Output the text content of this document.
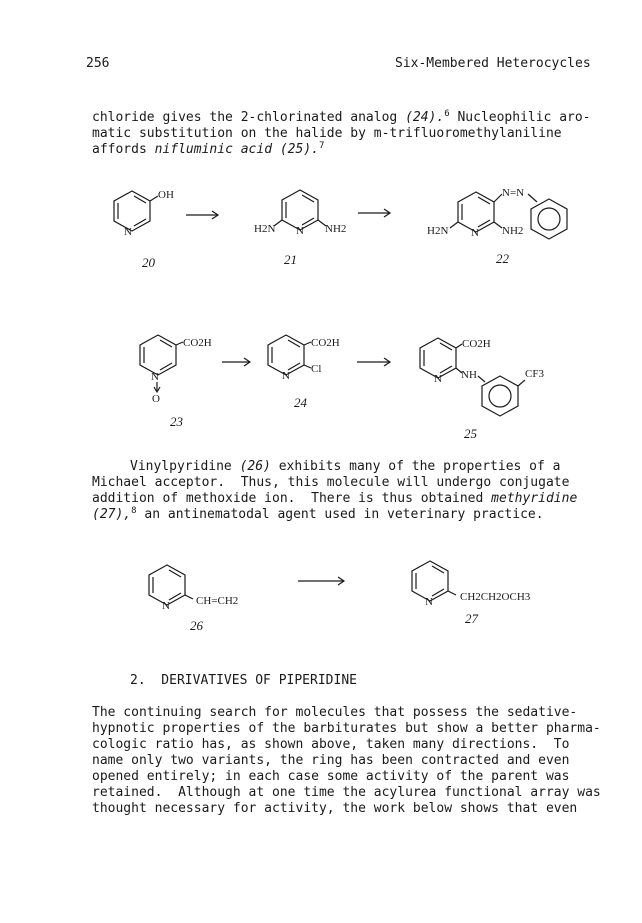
256	Six-Membered Heterocycles
chloride gives the 2-chlorinated analog (24).$^6$ Nucleophilic aro-
matic substitution on the halide by m-trifluoromethylaniline
affords nifluminic acid (25).$^7$
OH
N	H2N N NH2
N=N
H2N N NH2
20	21	22
CO2H
N
O
CO2H
N
Cl
CO2H
N NH	CF3
23
24
25
Vinylpyridine (26) exhibits many of the properties of a
Michael acceptor.  Thus, this molecule will undergo conjugate
addition of methoxide ion.  There is thus obtained methyridine
(27),$^8$ an antinematodal agent used in veterinary practice.
N CH=CH2	N CH2CH2OCH3
26	27
2.  DERIVATIVES OF PIPERIDINE
The continuing search for molecules that possess the sedative-
hypnotic properties of the barbiturates but show a better pharma-
cologic ratio has, as shown above, taken many directions.  To
name only two variants, the ring has been contracted and even
opened entirely; in each case some activity of the parent was
retained.  Although at one time the acylurea functional array was
thought necessary for activity, the work below shows that even
